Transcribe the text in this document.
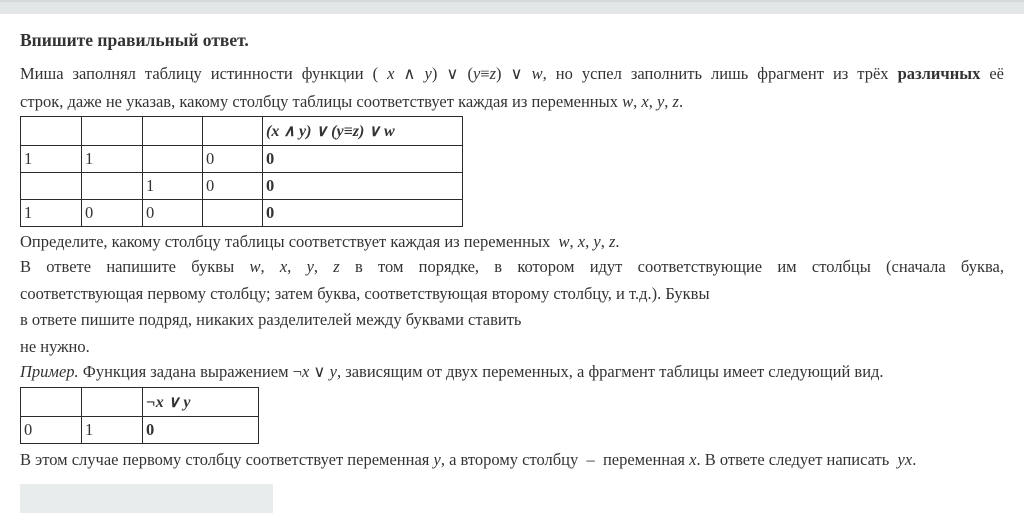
Впишите правильный ответ.
Миша заполнял таблицу истинности функции ( x ∧ y) ∨ (y≡z) ∨ w, но успел заполнить лишь фрагмент из трёх различных её
строк, даже не указав, какому столбцу таблицы соответствует каждая из переменных w, x, y, z.
				(x ∧ y) ∨ (y≡z) ∨ w
1	1		0	0
		1	0	0
1	0	0		0
Определите, какому столбцу таблицы соответствует каждая из переменных  w, x, y, z.
В ответе напишите буквы w, x, y, z в том порядке, в котором идут соответствующие им столбцы (сначала буква,
соответствующая первому столбцу; затем буква, соответствующая второму столбцу, и т.д.). Буквы
в ответе пишите подряд, никаких разделителей между буквами ставить
не нужно.
Пример. Функция задана выражением ¬x ∨ y, зависящим от двух переменных, а фрагмент таблицы имеет следующий вид.
		¬x ∨ y
0	1	0
В этом случае первому столбцу соответствует переменная y, а второму столбцу  –  переменная x. В ответе следует написать  yx.
